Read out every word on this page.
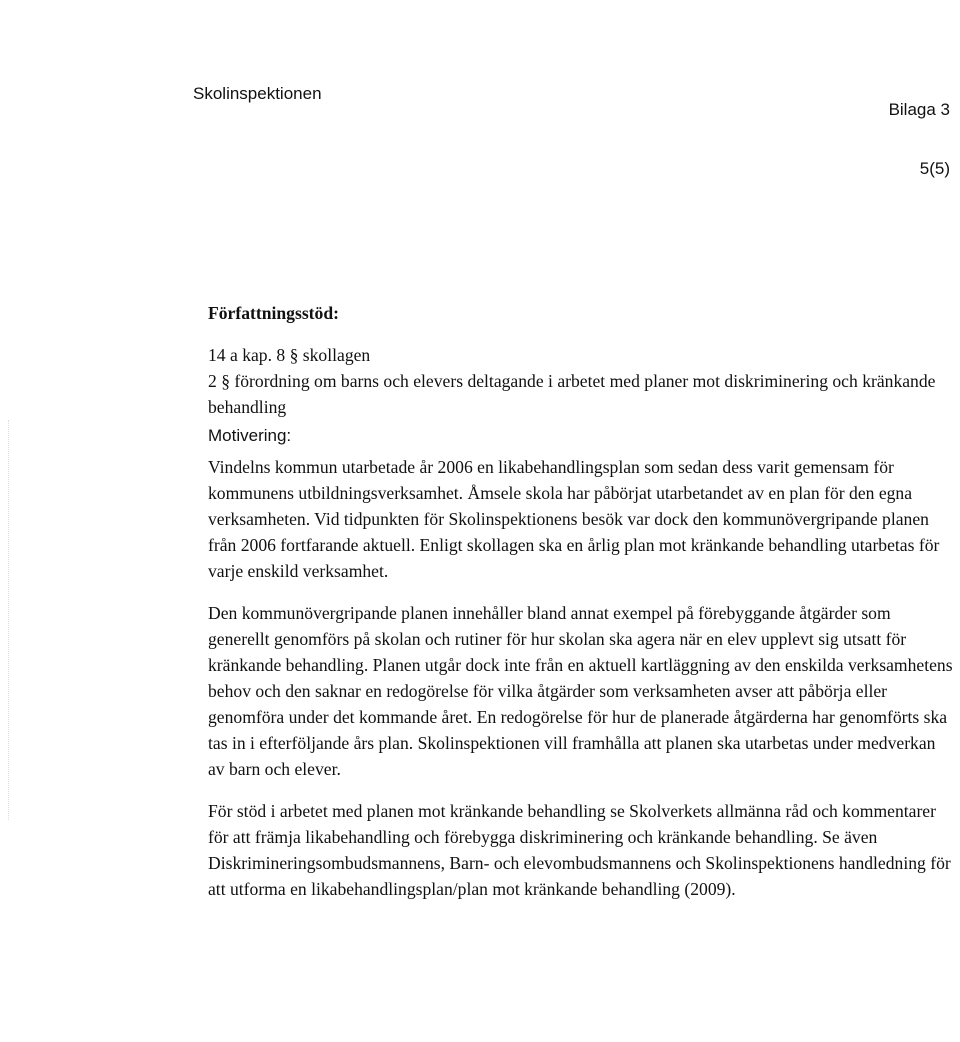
Skolinspektionen

Bilaga 3

5(5)

Författningsstöd:

14 a kap. 8 § skollagen

2 § förordning om barns och elevers deltagande i arbetet med planer mot diskriminering och kränkande behandling

Motivering:

Vindelns kommun utarbetade år 2006 en likabehandlingsplan som sedan dess varit gemensam för kommunens utbildningsverksamhet. Åmsele skola har påbörjat utarbetandet av en plan för den egna verksamheten. Vid tidpunkten för Skolinspektionens besök var dock den kommunövergripande planen från 2006 fortfarande aktuell. Enligt skollagen ska en årlig plan mot kränkande behandling utarbetas för varje enskild verksamhet.

Den kommunövergripande planen innehåller bland annat exempel på förebyggande åtgärder som generellt genomförs på skolan och rutiner för hur skolan ska agera när en elev upplevt sig utsatt för kränkande behandling. Planen utgår dock inte från en aktuell kartläggning av den enskilda verksamhetens behov och den saknar en redogörelse för vilka åtgärder som verksamheten avser att påbörja eller genomföra under det kommande året. En redogörelse för hur de planerade åtgärderna har genomförts ska tas in i efterföljande års plan. Skolinspektionen vill framhålla att planen ska utarbetas under medverkan av barn och elever.

För stöd i arbetet med planen mot kränkande behandling se Skolverkets allmänna råd och kommentarer för att främja likabehandling och förebygga diskriminering och kränkande behandling. Se även Diskrimineringsombudsmannens, Barn- och elevombudsmannens och Skolinspektionens handledning för att utforma en likabehandlingsplan/plan mot kränkande behandling (2009).
